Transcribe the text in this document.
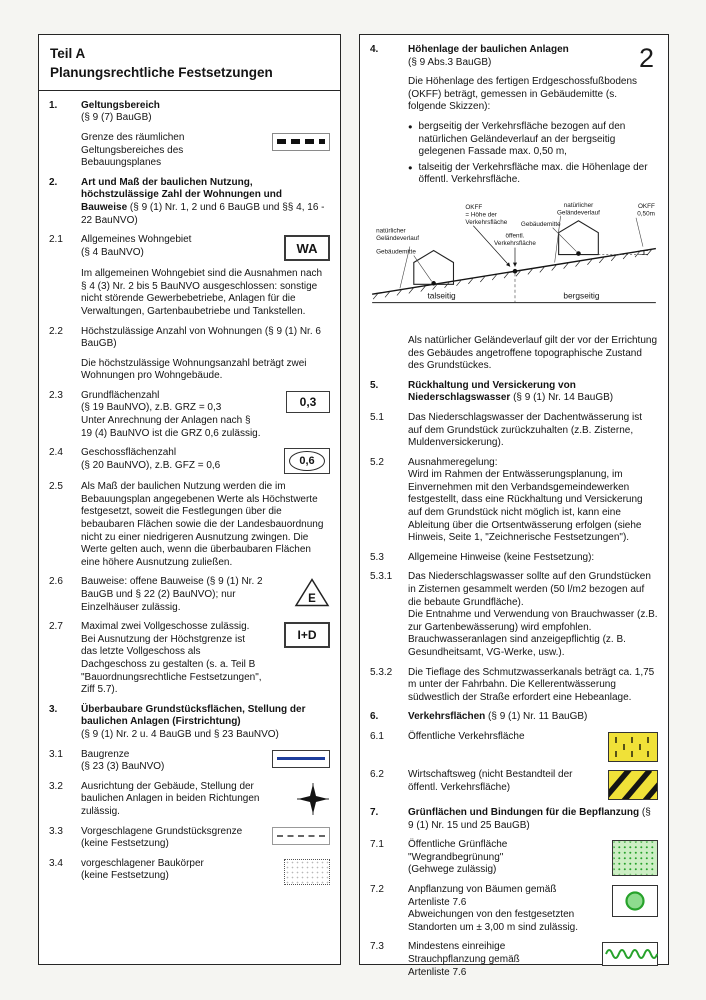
Teil A
Planungsrechtliche Festsetzungen
1.	Geltungsbereich
(§ 9 (7) BauGB)
Grenze des räumlichen Geltungsbereiches des Bebauungsplanes
2.	Art und Maß der baulichen Nutzung, höchstzulässige Zahl der Wohnungen und Bauweise (§ 9 (1) Nr. 1, 2 und 6 BauGB und §§ 4, 16 - 22 BauNVO)
2.1	Allgemeines Wohngebiet
(§ 4 BauNVO)	WA
Im allgemeinen Wohngebiet sind die Ausnahmen nach § 4 (3) Nr. 2 bis 5 BauNVO ausgeschlossen: sonstige nicht störende Gewerbebetriebe, Anlagen für die Verwaltungen, Gartenbaubetriebe und Tankstellen.
2.2	Höchstzulässige Anzahl von Wohnungen (§ 9 (1) Nr. 6 BauGB)
Die höchstzulässige Wohnungsanzahl beträgt zwei Wohnungen pro Wohngebäude.
2.3	Grundflächenzahl
(§ 19 BauNVO), z.B. GRZ = 0,3
Unter Anrechnung der Anlagen nach § 19 (4) BauNVO ist die GRZ 0,6 zulässig.
0,3
2.4	Geschossflächenzahl
(§ 20 BauNVO), z.B. GFZ = 0,6	0,6
2.5	Als Maß der baulichen Nutzung werden die im Bebauungsplan angegebenen Werte als Höchstwerte festgesetzt, soweit die Festlegungen über die bebaubaren Flächen sowie die der Landesbauordnung nicht zu einer niedrigeren Ausnutzung zwingen. Die Werte gelten auch, wenn die überbaubaren Flächen eine höhere Ausnutzung zuließen.
2.6	Bauweise: offene Bauweise (§ 9 (1) Nr. 2 BauGB und § 22 (2) BauNVO); nur Einzelhäuser zulässig.
E
2.7	Maximal zwei Vollgeschosse zulässig. Bei Ausnutzung der Höchstgrenze ist das letzte Vollgeschoss als Dachgeschoss zu gestalten (s. a. Teil B "Bauordnungsrechtliche Festsetzungen", Ziff 5.7).
I+D
3.	Überbaubare Grundstücksflächen, Stellung der baulichen Anlagen (Firstrichtung)
(§ 9 (1) Nr. 2 u. 4 BauGB und § 23 BauNVO)
3.1	Baugrenze
(§ 23 (3) BauNVO)
3.2	Ausrichtung der Gebäude, Stellung der baulichen Anlagen in beiden Richtungen zulässig.
3.3	Vorgeschlagene Grundstücksgrenze
(keine Festsetzung)
3.4	vorgeschlagener Baukörper
(keine Festsetzung)
2
4.	Höhenlage der baulichen Anlagen
(§ 9 Abs.3 BauGB)
Die Höhenlage des fertigen Erdgeschossfußbodens (OKFF) beträgt, gemessen in Gebäudemitte (s. folgende Skizzen):
● bergseitig der Verkehrsfläche bezogen auf den natürlichen Geländeverlauf an der bergseitig gelegenen Fassade max. 0,50 m,
● talseitig der Verkehrsfläche max. die Höhenlage der öffentl. Verkehrsfläche.
OKFF
= Höhe der
Verkehrsfläche
natürlicher
Geländeverlauf
Gebäudemitte
öffentl.
Verkehrsfläche
natürlicher
Geländeverlauf
Gebäudemitte
OKFF
0,50m
talseitig	bergseitig
Als natürlicher Geländeverlauf gilt der vor der Errichtung des Gebäudes angetroffene topographische Zustand des Grundstückes.
5.	Rückhaltung und Versickerung von Niederschlagswasser (§ 9 (1) Nr. 14 BauGB)
5.1	Das Niederschlagswasser der Dachentwässerung ist auf dem Grundstück zurückzuhalten (z.B. Zisterne, Muldenversickerung).
5.2	Ausnahmeregelung:
Wird im Rahmen der Entwässerungsplanung, im Einvernehmen mit den Verbandsgemeindewerken festgestellt, dass eine Rückhaltung und Versickerung auf dem Grundstück nicht möglich ist, kann eine Ableitung über die Ortsentwässerung erfolgen (siehe Hinweis, Seite 1, "Zeichnerische Festsetzungen").
5.3	Allgemeine Hinweise (keine Festsetzung):
5.3.1	Das Niederschlagswasser sollte auf den Grundstücken in Zisternen gesammelt werden (50 l/m2 bezogen auf die bebaute Grundfläche).
Die Entnahme und Verwendung von Brauchwasser (z.B. zur Gartenbewässerung) wird empfohlen. Brauchwasseranlagen sind anzeigepflichtig (z. B. Gesundheitsamt, VG-Werke, usw.).
5.3.2	Die Tieflage des Schmutzwasserkanals beträgt ca. 1,75 m unter der Fahrbahn. Die Kellerentwässerung südwestlich der Straße erfordert eine Hebeanlage.
6.	Verkehrsflächen (§ 9 (1) Nr. 11 BauGB)
6.1	Öffentliche Verkehrsfläche
6.2	Wirtschaftsweg (nicht Bestandteil der öffentl. Verkehrsfläche)
7.	Grünflächen und Bindungen für die Bepflanzung (§ 9 (1) Nr. 15 und 25 BauGB)
7.1	Öffentliche Grünfläche
"Wegrandbegrünung"
(Gehwege zulässig)
7.2	Anpflanzung von Bäumen gemäß Artenliste 7.6
Abweichungen von den festgesetzten Standorten um ± 3,00 m sind zulässig.
7.3	Mindestens einreihige
Strauchpflanzung gemäß
Artenliste 7.6
